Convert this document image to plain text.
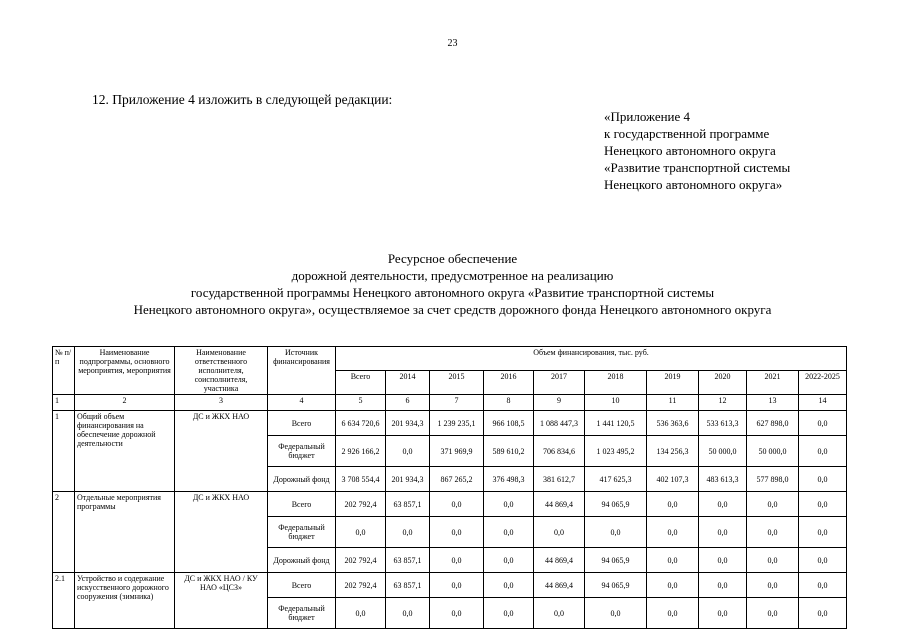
23
12. Приложение 4 изложить в следующей редакции:
«Приложение 4
к государственной программе
Ненецкого автономного округа
«Развитие транспортной системы
Ненецкого автономного округа»
Ресурсное обеспечение
дорожной деятельности, предусмотренное на реализацию
государственной программы Ненецкого автономного округа «Развитие транспортной системы
Ненецкого автономного округа», осуществляемое за счет средств дорожного фонда Ненецкого автономного округа
№ п/п	Наименование подпрограммы, основного мероприятия, мероприятия	Наименование ответственного исполнителя, соисполнителя, участника	Источник финансирования	Объем финансирования, тыс. руб.									
				Всего	2014	2015	2016	2017	2018	2019	2020	2021	2022-2025
1	2	3	4	5	6	7	8	9	10	11	12	13	14
1	Общий объем финансирования на обеспечение дорожной деятельности	ДС и ЖКХ НАО	Всего	6 634 720,6	201 934,3	1 239 235,1	966 108,5	1 088 447,3	1 441 120,5	536 363,6	533 613,3	627 898,0	0,0
			Федеральный бюджет	2 926 166,2	0,0	371 969,9	589 610,2	706 834,6	1 023 495,2	134 256,3	50 000,0	50 000,0	0,0
			Дорожный фонд	3 708 554,4	201 934,3	867 265,2	376 498,3	381 612,7	417 625,3	402 107,3	483 613,3	577 898,0	0,0
2	Отдельные мероприятия программы	ДС и ЖКХ НАО	Всего	202 792,4	63 857,1	0,0	0,0	44 869,4	94 065,9	0,0	0,0	0,0	0,0
			Федеральный бюджет	0,0	0,0	0,0	0,0	0,0	0,0	0,0	0,0	0,0	0,0
			Дорожный фонд	202 792,4	63 857,1	0,0	0,0	44 869,4	94 065,9	0,0	0,0	0,0	0,0
2.1	Устройство и содержание искусственного дорожного сооружения (зимника)	ДС и ЖКХ НАО / КУ НАО «ЦСЗ»	Всего	202 792,4	63 857,1	0,0	0,0	44 869,4	94 065,9	0,0	0,0	0,0	0,0
			Федеральный бюджет	0,0	0,0	0,0	0,0	0,0	0,0	0,0	0,0	0,0	0,0
